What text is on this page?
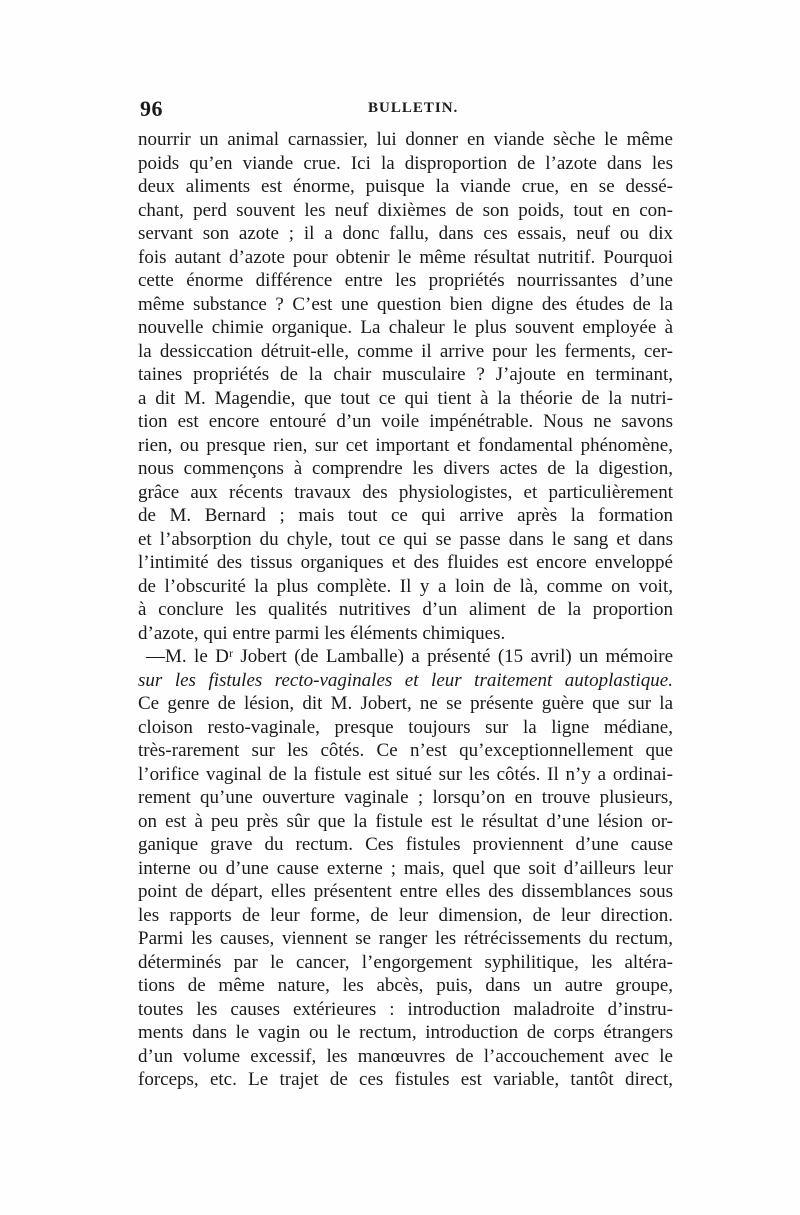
96	BULLETIN.
nourrir un animal carnassier, lui donner en viande sèche le même
poids qu’en viande crue. Ici la disproportion de l’azote dans les
deux aliments est énorme, puisque la viande crue, en se dessé-
chant, perd souvent les neuf dixièmes de son poids, tout en con-
servant son azote ; il a donc fallu, dans ces essais, neuf ou dix
fois autant d’azote pour obtenir le même résultat nutritif. Pourquoi
cette énorme différence entre les propriétés nourrissantes d’une
même substance ? C’est une question bien digne des études de la
nouvelle chimie organique. La chaleur le plus souvent employée à
la dessiccation détruit-elle, comme il arrive pour les ferments, cer-
taines propriétés de la chair musculaire ? J’ajoute en terminant,
a dit M. Magendie, que tout ce qui tient à la théorie de la nutri-
tion est encore entouré d’un voile impénétrable. Nous ne savons
rien, ou presque rien, sur cet important et fondamental phénomène,
nous commençons à comprendre les divers actes de la digestion,
grâce aux récents travaux des physiologistes, et particulièrement
de M. Bernard ; mais tout ce qui arrive après la formation
et l’absorption du chyle, tout ce qui se passe dans le sang et dans
l’intimité des tissus organiques et des fluides est encore enveloppé
de l’obscurité la plus complète. Il y a loin de là, comme on voit,
à conclure les qualités nutritives d’un aliment de la proportion
d’azote, qui entre parmi les éléments chimiques.
—M. le Dʳ Jobert (de Lamballe) a présenté (15 avril) un mémoire
sur les fistules recto-vaginales et leur traitement autoplastique.
Ce genre de lésion, dit M. Jobert, ne se présente guère que sur la
cloison resto-vaginale, presque toujours sur la ligne médiane,
très-rarement sur les côtés. Ce n’est qu’exceptionnellement que
l’orifice vaginal de la fistule est situé sur les côtés. Il n’y a ordinai-
rement qu’une ouverture vaginale ; lorsqu’on en trouve plusieurs,
on est à peu près sûr que la fistule est le résultat d’une lésion or-
ganique grave du rectum. Ces fistules proviennent d’une cause
interne ou d’une cause externe ; mais, quel que soit d’ailleurs leur
point de départ, elles présentent entre elles des dissemblances sous
les rapports de leur forme, de leur dimension, de leur direction.
Parmi les causes, viennent se ranger les rétrécissements du rectum,
déterminés par le cancer, l’engorgement syphilitique, les altéra-
tions de même nature, les abcès, puis, dans un autre groupe,
toutes les causes extérieures : introduction maladroite d’instru-
ments dans le vagin ou le rectum, introduction de corps étrangers
d’un volume excessif, les manœuvres de l’accouchement avec le
forceps, etc. Le trajet de ces fistules est variable, tantôt direct,
